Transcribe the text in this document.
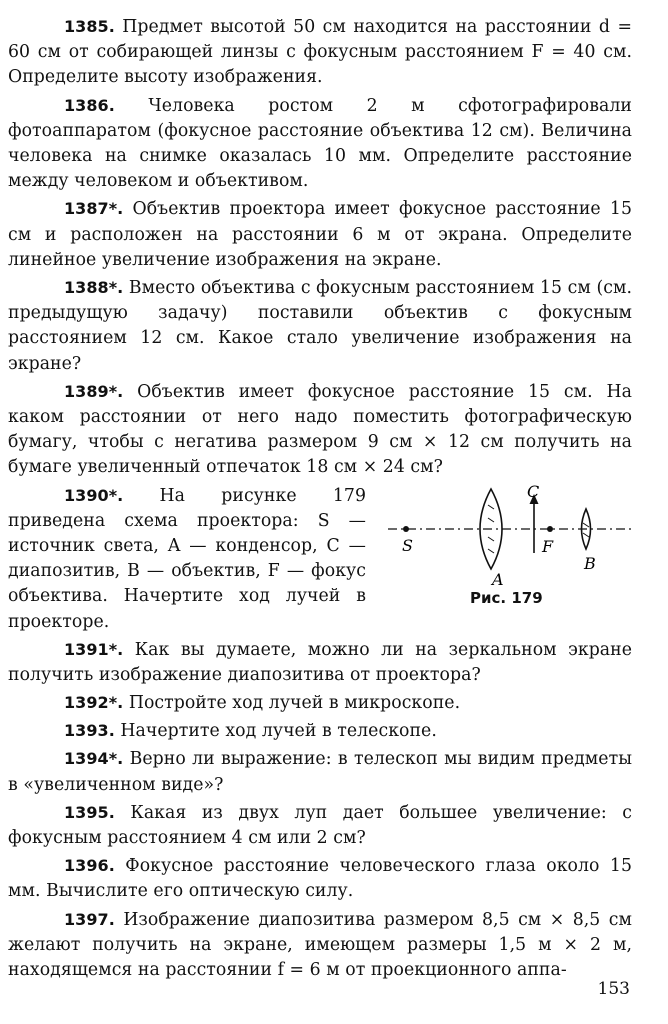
1385. Предмет высотой 50 см находится на расстоянии d = 60 см от собирающей линзы с фокусным расстоянием F = 40 см. Определите высоту изображения.

1386. Человека ростом 2 м сфотографировали фотоаппаратом (фокусное расстояние объектива 12 см). Величина человека на снимке оказалась 10 мм. Определите расстояние между человеком и объективом.

1387*. Объектив проектора имеет фокусное расстояние 15 см и расположен на расстоянии 6 м от экрана. Определите линейное увеличение изображения на экране.

1388*. Вместо объектива с фокусным расстоянием 15 см (см. предыдущую задачу) поставили объектив с фокусным расстоянием 12 см. Какое стало увеличение изображения на экране?

1389*. Объектив имеет фокусное расстояние 15 см. На каком расстоянии от него надо поместить фотографическую бумагу, чтобы с негатива размером 9 см × 12 см получить на бумаге увеличенный отпечаток 18 см × 24 см?

1390*. На рисунке 179 приведена схема проектора: S — источник света, A — конденсор, C — диапозитив, B — объектив, F — фокус объектива. Начертите ход лучей в проекторе.

S
A
C
F
B
Рис. 179

1391*. Как вы думаете, можно ли на зеркальном экране получить изображение диапозитива от проектора?

1392*. Постройте ход лучей в микроскопе.

1393. Начертите ход лучей в телескопе.

1394*. Верно ли выражение: в телескоп мы видим предметы в «увеличенном виде»?

1395. Какая из двух луп дает большее увеличение: с фокусным расстоянием 4 см или 2 см?

1396. Фокусное расстояние человеческого глаза около 15 мм. Вычислите его оптическую силу.

1397. Изображение диапозитива размером 8,5 см × 8,5 см желают получить на экране, имеющем размеры 1,5 м × 2 м, находящемся на расстоянии f = 6 м от проекционного аппа-

153
